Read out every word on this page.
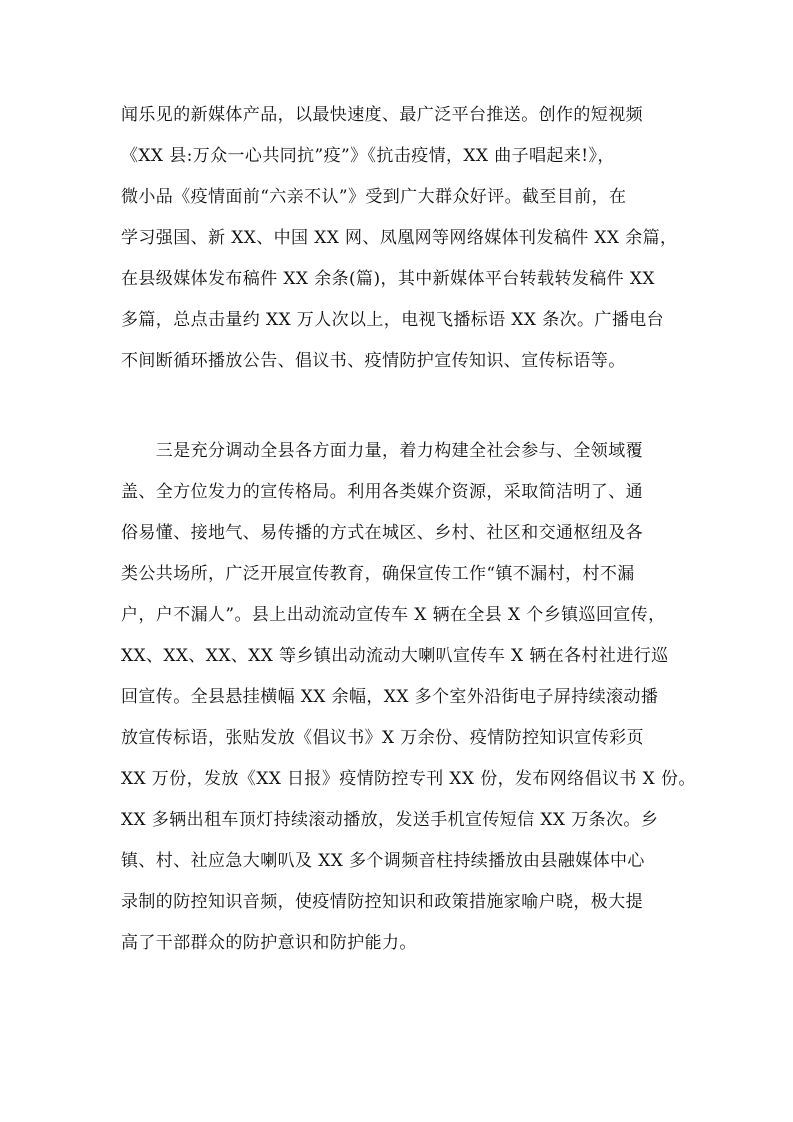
闻乐见的新媒体产品，以最快速度、最广泛平台推送。创作的短视频
《XX 县:万众一心共同抗”疫”》《抗击疫情，XX 曲子唱起来!》，
微小品《疫情面前“六亲不认”》受到广大群众好评。截至目前，在
学习强国、新 XX、中国 XX 网、凤凰网等网络媒体刊发稿件 XX 余篇，
在县级媒体发布稿件 XX 余条(篇)，其中新媒体平台转载转发稿件 XX
多篇，总点击量约 XX 万人次以上，电视飞播标语 XX 条次。广播电台
不间断循环播放公告、倡议书、疫情防护宣传知识、宣传标语等。
　　三是充分调动全县各方面力量，着力构建全社会参与、全领域覆
盖、全方位发力的宣传格局。利用各类媒介资源，采取简洁明了、通
俗易懂、接地气、易传播的方式在城区、乡村、社区和交通枢纽及各
类公共场所，广泛开展宣传教育，确保宣传工作“镇不漏村，村不漏
户，户不漏人”。县上出动流动宣传车 X 辆在全县 X 个乡镇巡回宣传，
XX、XX、XX、XX 等乡镇出动流动大喇叭宣传车 X 辆在各村社进行巡
回宣传。全县悬挂横幅 XX 余幅，XX 多个室外沿街电子屏持续滚动播
放宣传标语，张贴发放《倡议书》X 万余份、疫情防控知识宣传彩页
XX 万份，发放《XX 日报》疫情防控专刊 XX 份，发布网络倡议书 X 份。
XX 多辆出租车顶灯持续滚动播放，发送手机宣传短信 XX 万条次。乡
镇、村、社应急大喇叭及 XX 多个调频音柱持续播放由县融媒体中心
录制的防控知识音频，使疫情防控知识和政策措施家喻户晓，极大提
高了干部群众的防护意识和防护能力。
